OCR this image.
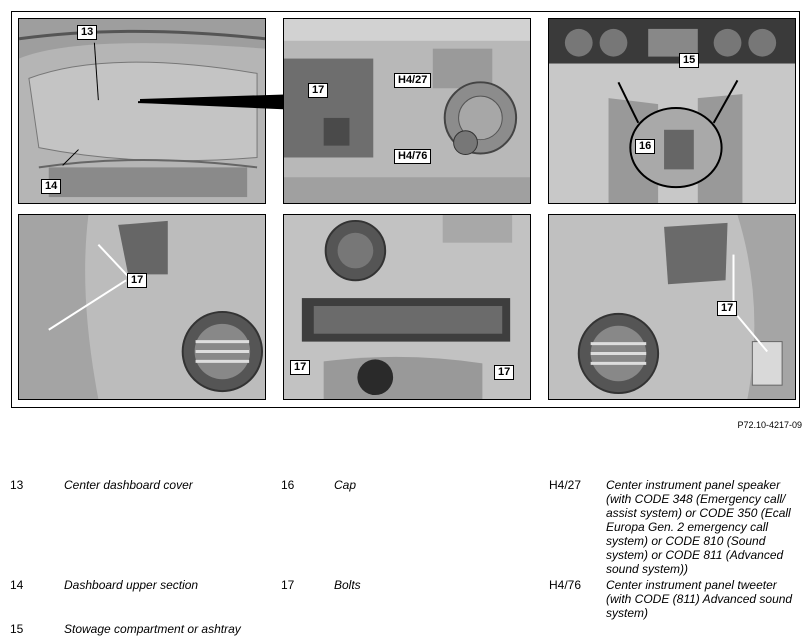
13
14
17
H4/27
H4/76
15
16
17
17	17
17
P72.10-4217-09
13	Center dashboard cover
14	Dashboard upper section
15	Stowage compartment or ashtray
16	Cap
17	Bolts
H4/27 Center instrument panel speaker (with CODE 348 (Emergency call/ assist system) or CODE 350 (Ecall Europa Gen. 2 emergency call system) or CODE 810 (Sound system) or CODE 811 (Advanced sound system))
H4/76 Center instrument panel tweeter (with CODE (811) Advanced sound system)
